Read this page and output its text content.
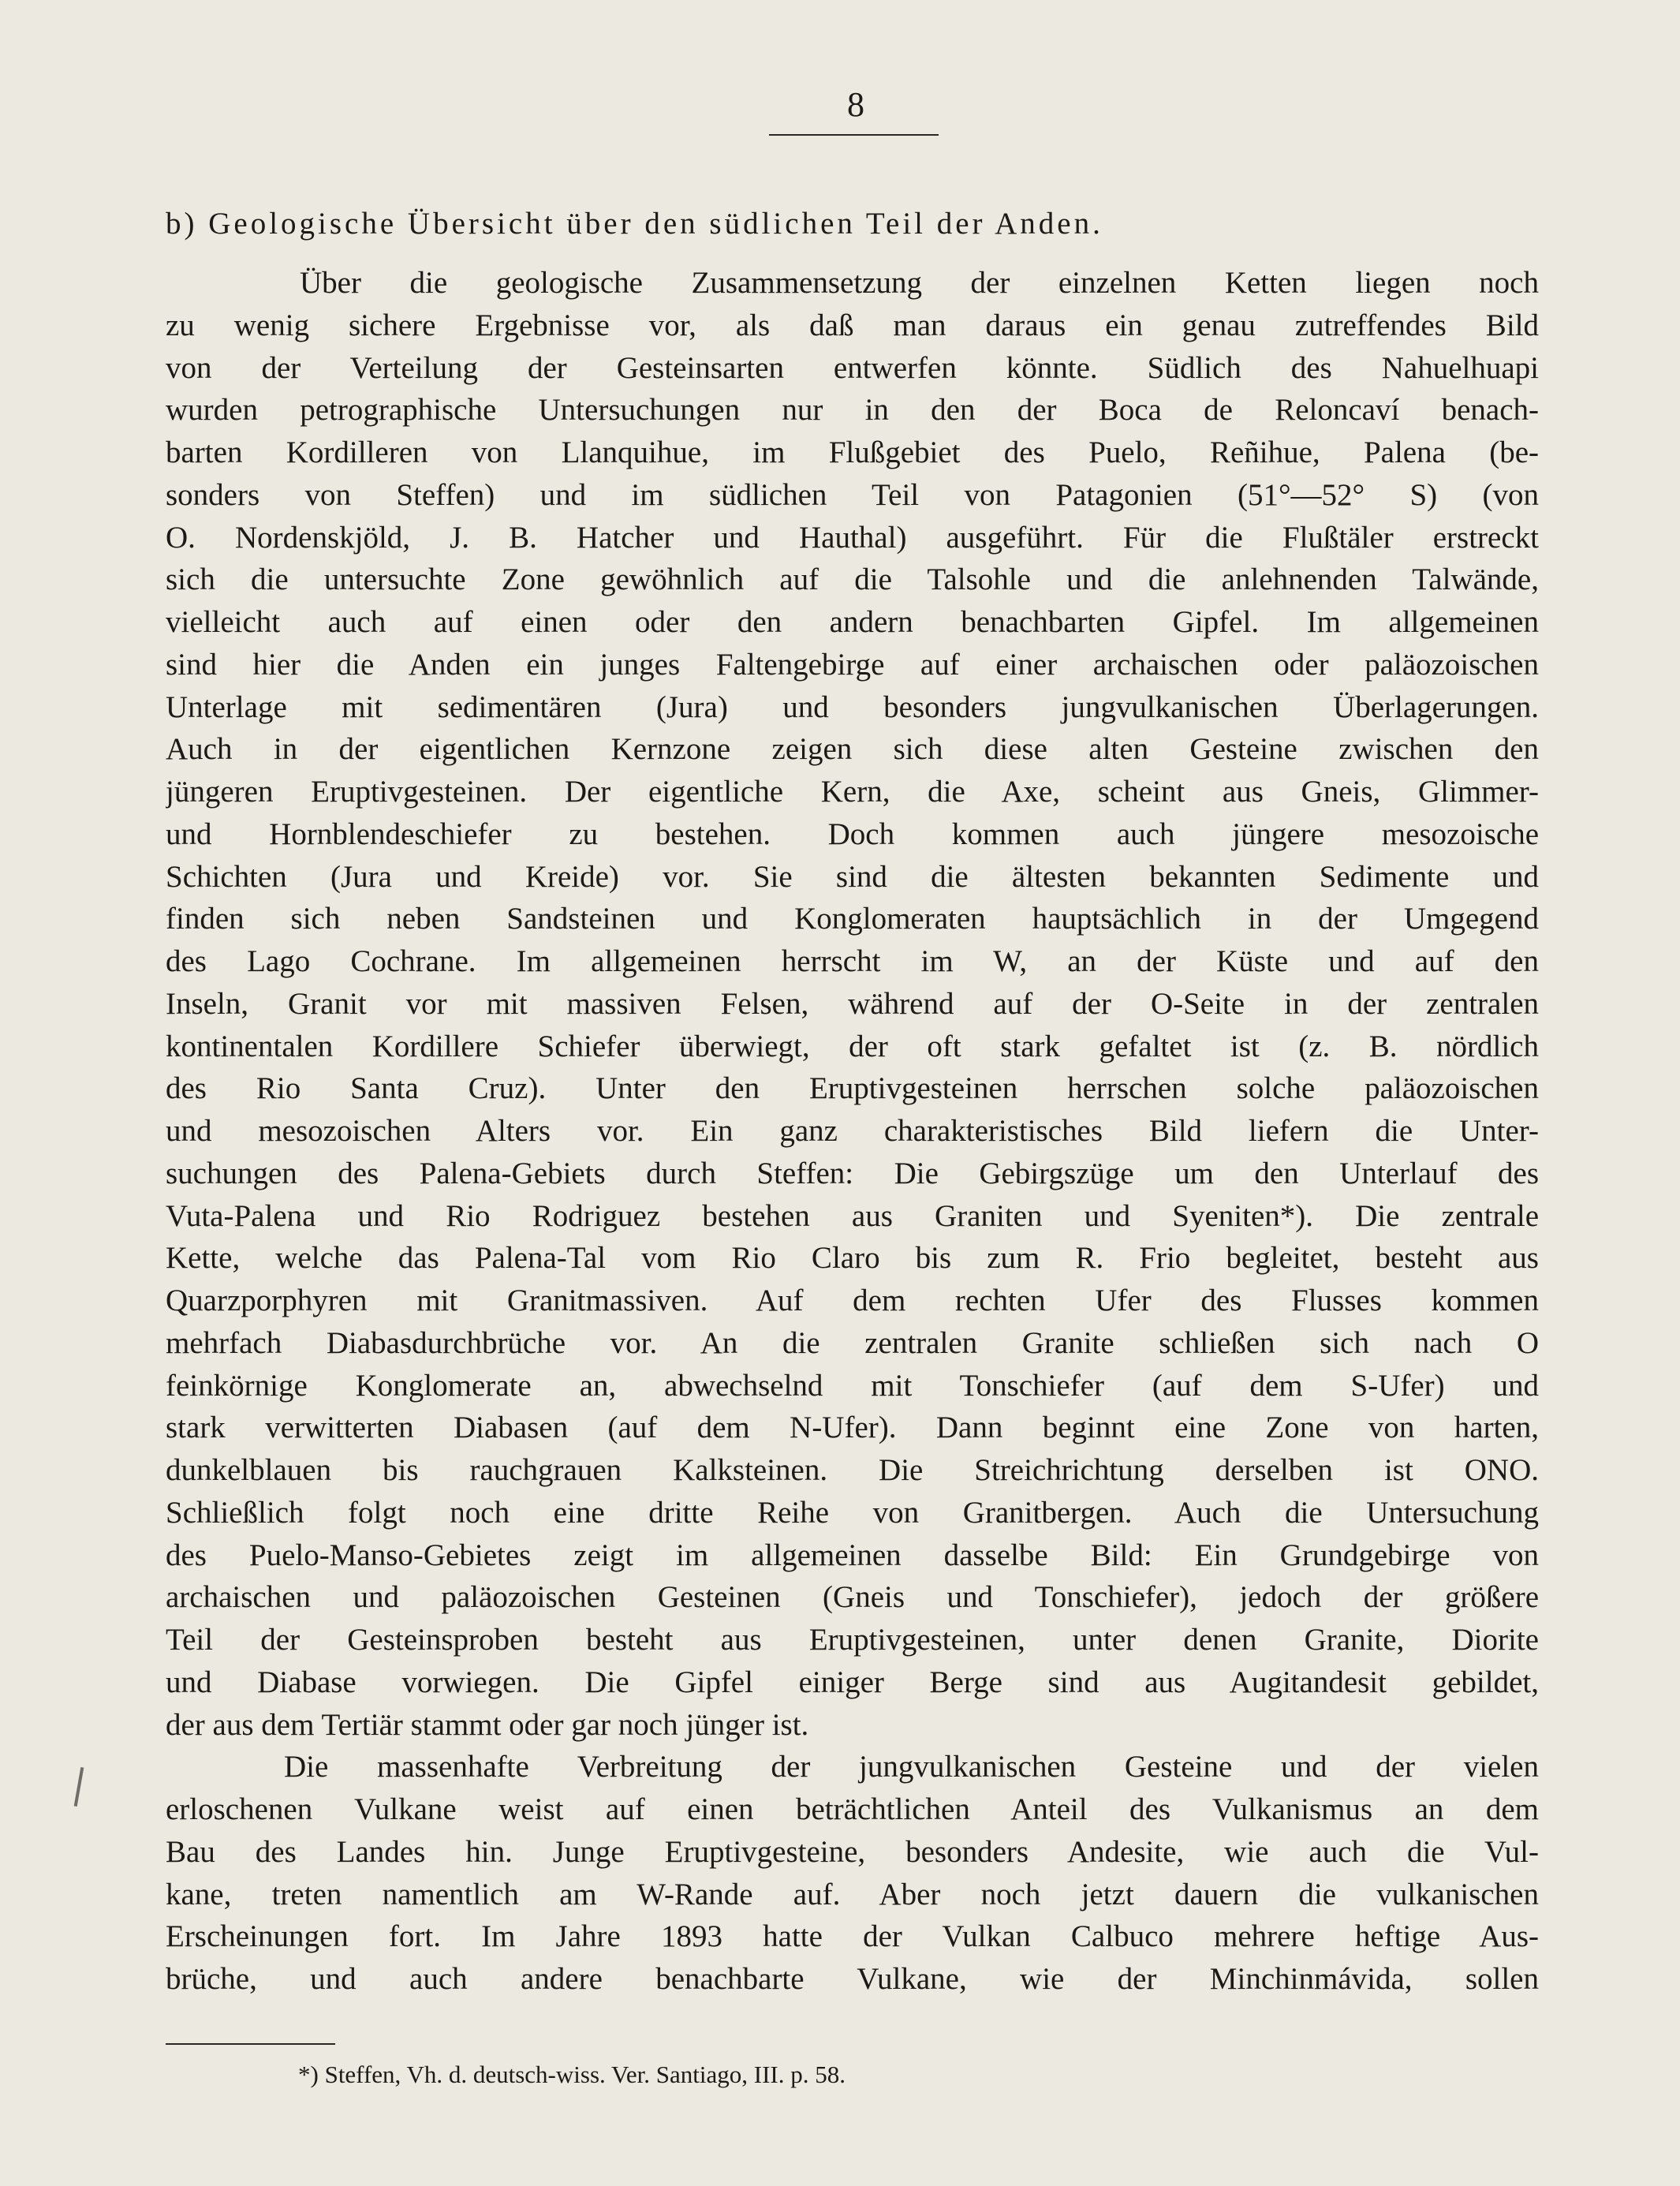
8
b) Geologische Übersicht über den südlichen Teil der Anden.
Über die geologische Zusammensetzung der einzelnen Ketten liegen noch
zu wenig sichere Ergebnisse vor, als daß man daraus ein genau zutreffendes Bild
von der Verteilung der Gesteinsarten entwerfen könnte. Südlich des Nahuelhuapi
wurden petrographische Untersuchungen nur in den der Boca de Reloncaví benach-
barten Kordilleren von Llanquihue, im Flußgebiet des Puelo, Reñihue, Palena (be-
sonders von Steffen) und im südlichen Teil von Patagonien (51°—52° S) (von
O. Nordenskjöld, J. B. Hatcher und Hauthal) ausgeführt. Für die Flußtäler erstreckt
sich die untersuchte Zone gewöhnlich auf die Talsohle und die anlehnenden Talwände,
vielleicht auch auf einen oder den andern benachbarten Gipfel. Im allgemeinen
sind hier die Anden ein junges Faltengebirge auf einer archaischen oder paläozoischen
Unterlage mit sedimentären (Jura) und besonders jungvulkanischen Überlagerungen.
Auch in der eigentlichen Kernzone zeigen sich diese alten Gesteine zwischen den
jüngeren Eruptivgesteinen. Der eigentliche Kern, die Axe, scheint aus Gneis, Glimmer-
und Hornblendeschiefer zu bestehen. Doch kommen auch jüngere mesozoische
Schichten (Jura und Kreide) vor. Sie sind die ältesten bekannten Sedimente und
finden sich neben Sandsteinen und Konglomeraten hauptsächlich in der Umgegend
des Lago Cochrane. Im allgemeinen herrscht im W, an der Küste und auf den
Inseln, Granit vor mit massiven Felsen, während auf der O-Seite in der zentralen
kontinentalen Kordillere Schiefer überwiegt, der oft stark gefaltet ist (z. B. nördlich
des Rio Santa Cruz). Unter den Eruptivgesteinen herrschen solche paläozoischen
und mesozoischen Alters vor. Ein ganz charakteristisches Bild liefern die Unter-
suchungen des Palena-Gebiets durch Steffen: Die Gebirgszüge um den Unterlauf des
Vuta-Palena und Rio Rodriguez bestehen aus Graniten und Syeniten*). Die zentrale
Kette, welche das Palena-Tal vom Rio Claro bis zum R. Frio begleitet, besteht aus
Quarzporphyren mit Granitmassiven. Auf dem rechten Ufer des Flusses kommen
mehrfach Diabasdurchbrüche vor. An die zentralen Granite schließen sich nach O
feinkörnige Konglomerate an, abwechselnd mit Tonschiefer (auf dem S-Ufer) und
stark verwitterten Diabasen (auf dem N-Ufer). Dann beginnt eine Zone von harten,
dunkelblauen bis rauchgrauen Kalksteinen. Die Streichrichtung derselben ist ONO.
Schließlich folgt noch eine dritte Reihe von Granitbergen. Auch die Untersuchung
des Puelo-Manso-Gebietes zeigt im allgemeinen dasselbe Bild: Ein Grundgebirge von
archaischen und paläozoischen Gesteinen (Gneis und Tonschiefer), jedoch der größere
Teil der Gesteinsproben besteht aus Eruptivgesteinen, unter denen Granite, Diorite
und Diabase vorwiegen. Die Gipfel einiger Berge sind aus Augitandesit gebildet,
der aus dem Tertiär stammt oder gar noch jünger ist.
Die massenhafte Verbreitung der jungvulkanischen Gesteine und der vielen
erloschenen Vulkane weist auf einen beträchtlichen Anteil des Vulkanismus an dem
Bau des Landes hin. Junge Eruptivgesteine, besonders Andesite, wie auch die Vul-
kane, treten namentlich am W-Rande auf. Aber noch jetzt dauern die vulkanischen
Erscheinungen fort. Im Jahre 1893 hatte der Vulkan Calbuco mehrere heftige Aus-
brüche, und auch andere benachbarte Vulkane, wie der Minchinmávida, sollen
*) Steffen, Vh. d. deutsch-wiss. Ver. Santiago, III. p. 58.
